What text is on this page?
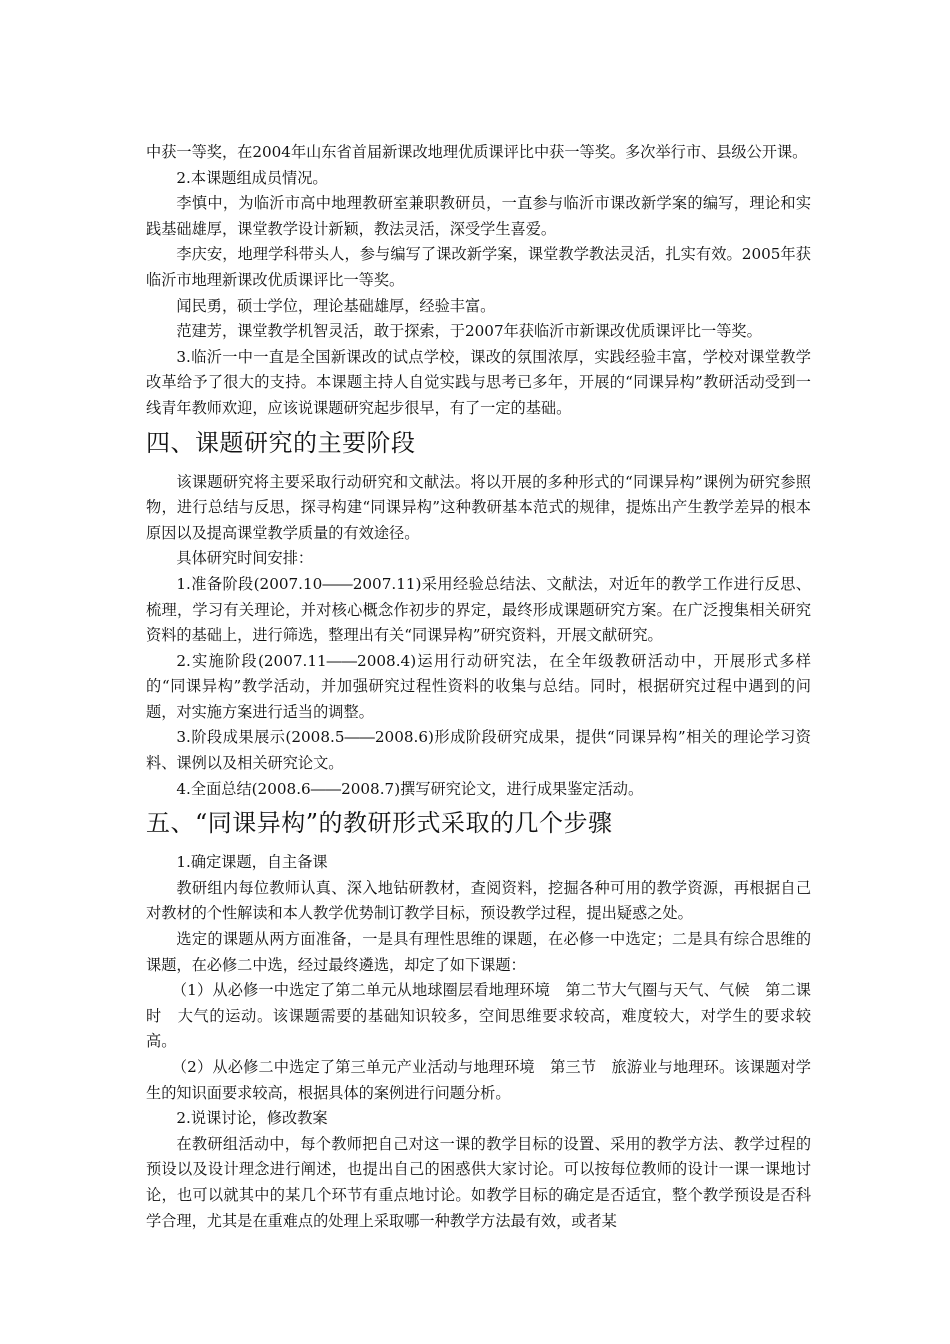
中获一等奖，在2004年山东省首届新课改地理优质课评比中获一等奖。多次举行市、县级公开课。

2.本课题组成员情况。

李慎中，为临沂市高中地理教研室兼职教研员，一直参与临沂市课改新学案的编写，理论和实践基础雄厚，课堂教学设计新颖，教法灵活，深受学生喜爱。

李庆安，地理学科带头人，参与编写了课改新学案，课堂教学教法灵活，扎实有效。2005年获临沂市地理新课改优质课评比一等奖。

闻民勇，硕士学位，理论基础雄厚，经验丰富。

范建芳，课堂教学机智灵活，敢于探索，于2007年获临沂市新课改优质课评比一等奖。

3.临沂一中一直是全国新课改的试点学校，课改的氛围浓厚，实践经验丰富，学校对课堂教学改革给予了很大的支持。本课题主持人自觉实践与思考已多年，开展的“同课异构”教研活动受到一线青年教师欢迎，应该说课题研究起步很早，有了一定的基础。

四、课题研究的主要阶段

该课题研究将主要采取行动研究和文献法。将以开展的多种形式的“同课异构”课例为研究参照物，进行总结与反思，探寻构建“同课异构”这种教研基本范式的规律，提炼出产生教学差异的根本原因以及提高课堂教学质量的有效途径。

具体研究时间安排：

1.准备阶段(2007.10――2007.11)采用经验总结法、文献法，对近年的教学工作进行反思、梳理，学习有关理论，并对核心概念作初步的界定，最终形成课题研究方案。在广泛搜集相关研究资料的基础上，进行筛选，整理出有关“同课异构”研究资料，开展文献研究。

2.实施阶段(2007.11――2008.4)运用行动研究法，在全年级教研活动中，开展形式多样的“同课异构”教学活动，并加强研究过程性资料的收集与总结。同时，根据研究过程中遇到的问题，对实施方案进行适当的调整。

3.阶段成果展示(2008.5――2008.6)形成阶段研究成果，提供“同课异构”相关的理论学习资料、课例以及相关研究论文。

4.全面总结(2008.6――2008.7)撰写研究论文，进行成果鉴定活动。

五、“同课异构”的教研形式采取的几个步骤

1.确定课题，自主备课

教研组内每位教师认真、深入地钻研教材，查阅资料，挖掘各种可用的教学资源，再根据自己对教材的个性解读和本人教学优势制订教学目标，预设教学过程，提出疑惑之处。

选定的课题从两方面准备，一是具有理性思维的课题，在必修一中选定；二是具有综合思维的课题，在必修二中选，经过最终遴选，却定了如下课题：

（1）从必修一中选定了第二单元从地球圈层看地理环境　第二节大气圈与天气、气候　第二课时　大气的运动。该课题需要的基础知识较多，空间思维要求较高，难度较大，对学生的要求较高。

（2）从必修二中选定了第三单元产业活动与地理环境　第三节　旅游业与地理环。该课题对学生的知识面要求较高，根据具体的案例进行问题分析。

2.说课讨论，修改教案

在教研组活动中，每个教师把自己对这一课的教学目标的设置、采用的教学方法、教学过程的预设以及设计理念进行阐述，也提出自己的困惑供大家讨论。可以按每位教师的设计一课一课地讨论，也可以就其中的某几个环节有重点地讨论。如教学目标的确定是否适宜，整个教学预设是否科学合理，尤其是在重难点的处理上采取哪一种教学方法最有效，或者某
